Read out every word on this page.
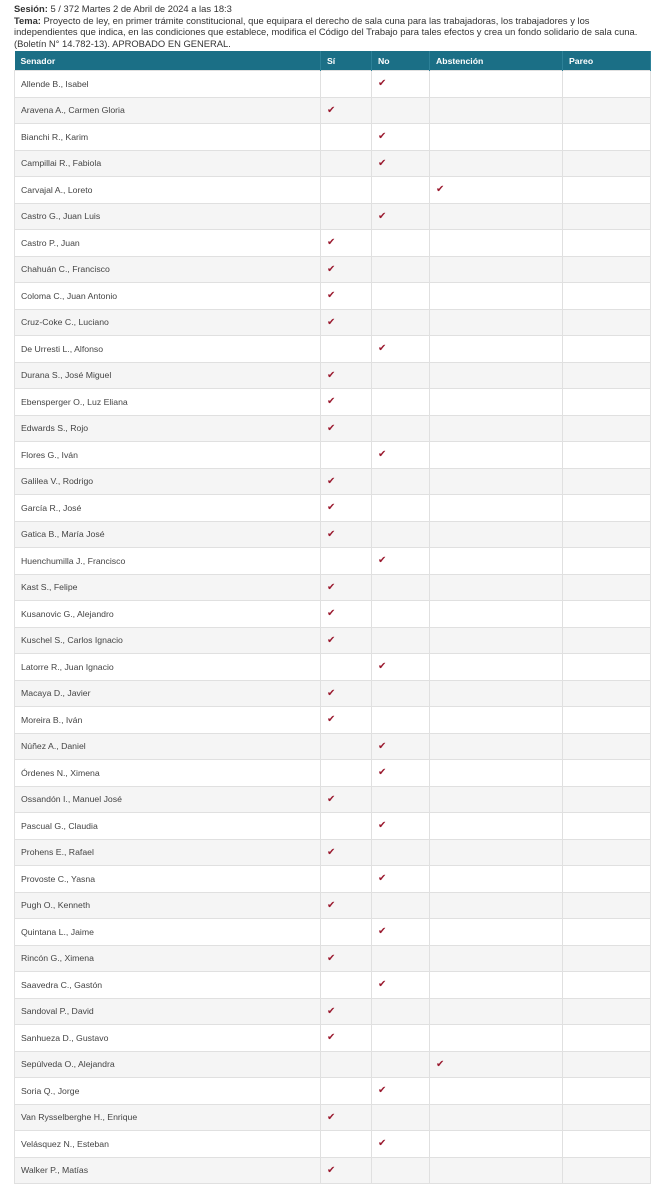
Sesión: 5 / 372 Martes 2 de Abril de 2024 a las 18:3
Tema: Proyecto de ley, en primer trámite constitucional, que equipara el derecho de sala cuna para las trabajadoras, los trabajadores y los independientes que indica, en las condiciones que establece, modifica el Código del Trabajo para tales efectos y crea un fondo solidario de sala cuna. (Boletín N° 14.782-13). APROBADO EN GENERAL.
Senador	Sí	No	Abstención	Pareo
Allende B., Isabel		✔		
Aravena A., Carmen Gloria	✔			
Bianchi R., Karim		✔		
Campillai R., Fabiola		✔		
Carvajal A., Loreto			✔	
Castro G., Juan Luis		✔		
Castro P., Juan	✔			
Chahuán C., Francisco	✔			
Coloma C., Juan Antonio	✔			
Cruz-Coke C., Luciano	✔			
De Urresti L., Alfonso		✔		
Durana S., José Miguel	✔			
Ebensperger O., Luz Eliana	✔			
Edwards S., Rojo	✔			
Flores G., Iván		✔		
Galilea V., Rodrigo	✔			
García R., José	✔			
Gatica B., María José	✔			
Huenchumilla J., Francisco		✔		
Kast S., Felipe	✔			
Kusanovic G., Alejandro	✔			
Kuschel S., Carlos Ignacio	✔			
Latorre R., Juan Ignacio		✔		
Macaya D., Javier	✔			
Moreira B., Iván	✔			
Núñez A., Daniel		✔		
Órdenes N., Ximena		✔		
Ossandón I., Manuel José	✔			
Pascual G., Claudia		✔		
Prohens E., Rafael	✔			
Provoste C., Yasna		✔		
Pugh O., Kenneth	✔			
Quintana L., Jaime		✔		
Rincón G., Ximena	✔			
Saavedra C., Gastón		✔		
Sandoval P., David	✔			
Sanhueza D., Gustavo	✔			
Sepúlveda O., Alejandra			✔	
Soria Q., Jorge		✔		
Van Rysselberghe H., Enrique	✔			
Velásquez N., Esteban		✔		
Walker P., Matías	✔			
